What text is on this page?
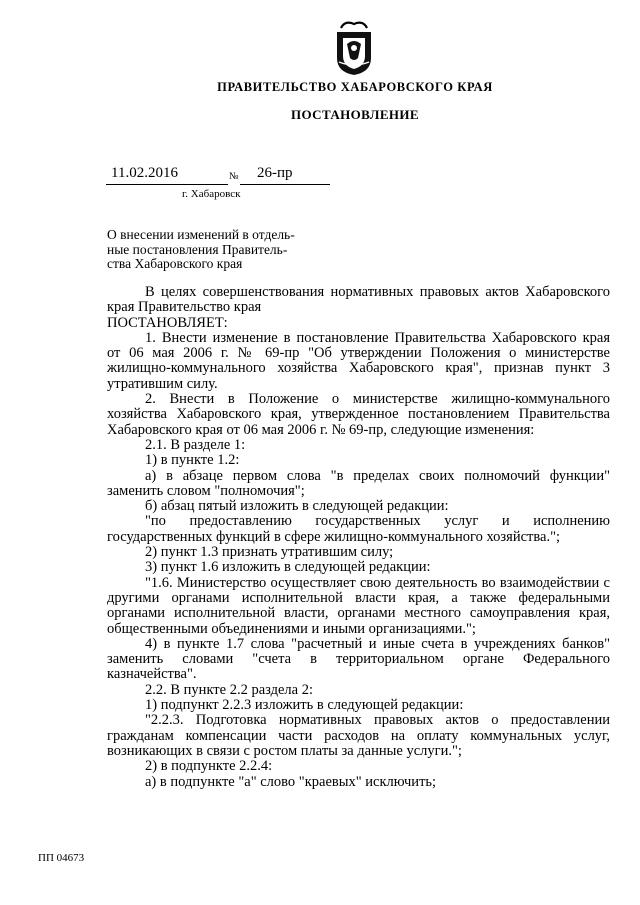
ПРАВИТЕЛЬСТВО ХАБАРОВСКОГО КРАЯ
ПОСТАНОВЛЕНИЕ
11.02.2016	№ 26-пр
г. Хабаровск
О внесении изменений в отдель-
ные постановления Правитель-
ства Хабаровского края

В целях совершенствования нормативных правовых актов Хабаровского края Правительство края

ПОСТАНОВЛЯЕТ:

1. Внести изменение в постановление Правительства Хабаровского края от 06 мая 2006 г. № 69-пр "Об утверждении Положения о министерстве жилищно-коммунального хозяйства Хабаровского края", признав пункт 3 утратившим силу.

2. Внести в Положение о министерстве жилищно-коммунального хозяйства Хабаровского края, утвержденное постановлением Правительства Хабаровского края от 06 мая 2006 г. № 69-пр, следующие изменения:

2.1. В разделе 1:

1) в пункте 1.2:

а) в абзаце первом слова "в пределах своих полномочий функции" заменить словом "полномочия";

б) абзац пятый изложить в следующей редакции:

"по предоставлению государственных услуг и исполнению государственных функций в сфере жилищно-коммунального хозяйства.";

2) пункт 1.3 признать утратившим силу;

3) пункт 1.6 изложить в следующей редакции:

"1.6. Министерство осуществляет свою деятельность во взаимодействии с другими органами исполнительной власти края, а также федеральными органами исполнительной власти, органами местного самоуправления края, общественными объединениями и иными организациями.";

4) в пункте 1.7 слова "расчетный и иные счета в учреждениях банков" заменить словами "счета в территориальном органе Федерального казначейства".

2.2. В пункте 2.2 раздела 2:

1) подпункт 2.2.3 изложить в следующей редакции:

"2.2.3. Подготовка нормативных правовых актов о предоставлении гражданам компенсации части расходов на оплату коммунальных услуг, возникающих в связи с ростом платы за данные услуги.";

2) в подпункте 2.2.4:

а) в подпункте "а" слово "краевых" исключить;

ПП 04673
